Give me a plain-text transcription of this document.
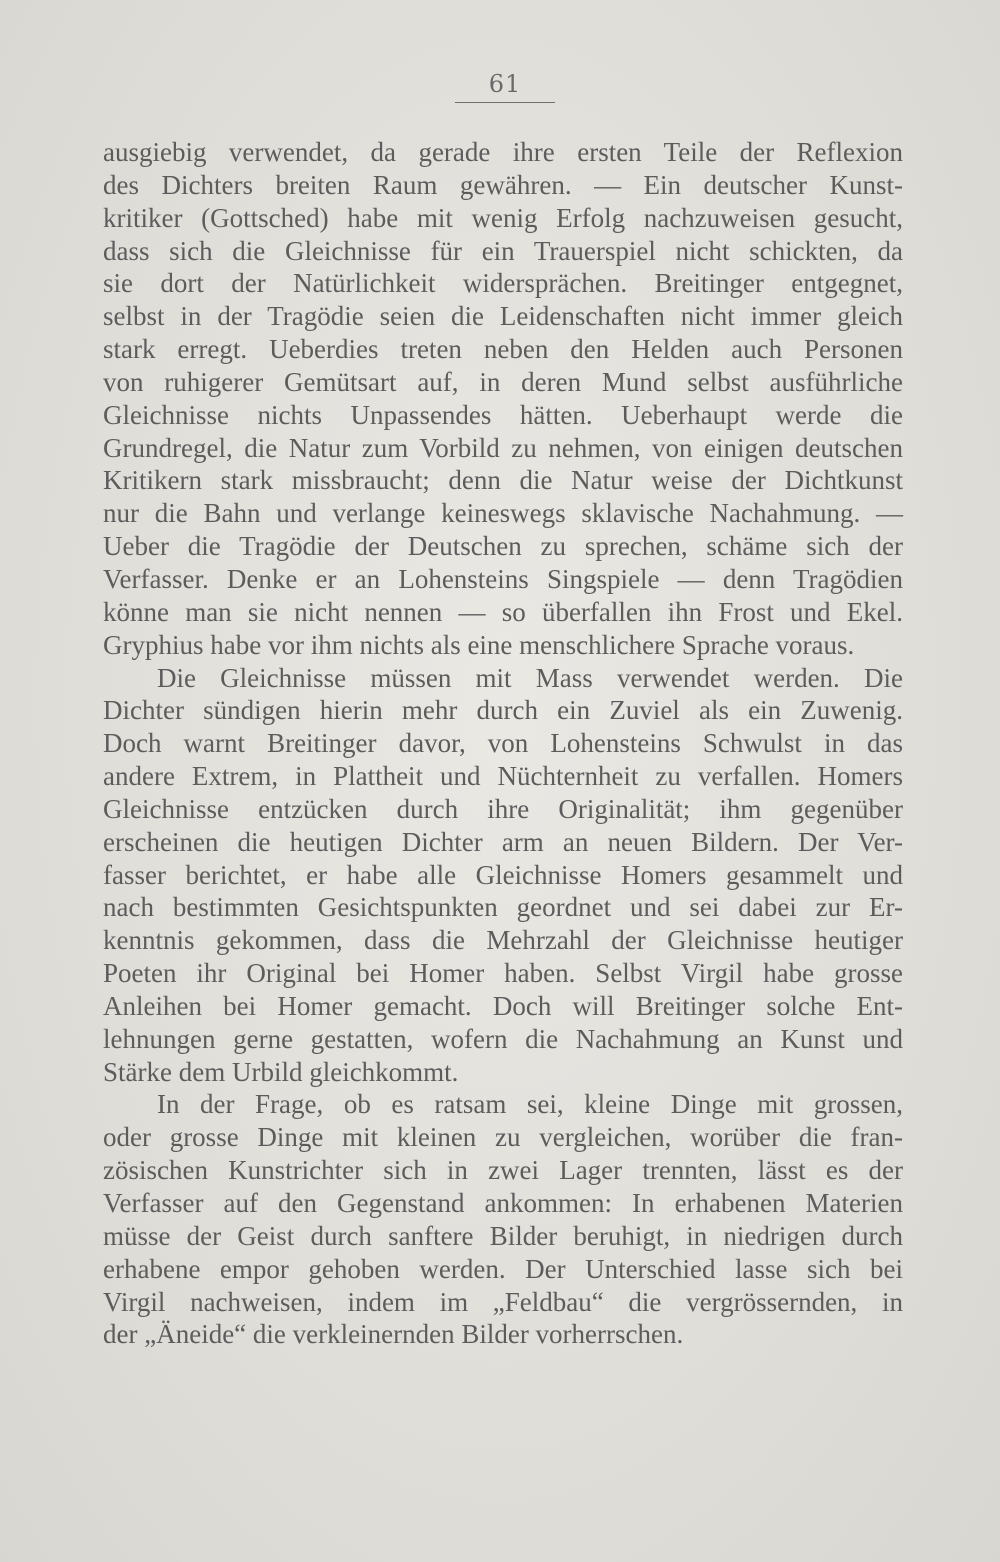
61
ausgiebig verwendet, da gerade ihre ersten Teile der Reflexion
des Dichters breiten Raum gewähren. — Ein deutscher Kunst-
kritiker (Gottsched) habe mit wenig Erfolg nachzuweisen gesucht,
dass sich die Gleichnisse für ein Trauerspiel nicht schickten, da
sie dort der Natürlichkeit widersprächen. Breitinger entgegnet,
selbst in der Tragödie seien die Leidenschaften nicht immer gleich
stark erregt. Ueberdies treten neben den Helden auch Personen
von ruhigerer Gemütsart auf, in deren Mund selbst ausführliche
Gleichnisse nichts Unpassendes hätten. Ueberhaupt werde die
Grundregel, die Natur zum Vorbild zu nehmen, von einigen deutschen
Kritikern stark missbraucht; denn die Natur weise der Dichtkunst
nur die Bahn und verlange keineswegs sklavische Nachahmung. —
Ueber die Tragödie der Deutschen zu sprechen, schäme sich der
Verfasser. Denke er an Lohensteins Singspiele — denn Tragödien
könne man sie nicht nennen — so überfallen ihn Frost und Ekel.
Gryphius habe vor ihm nichts als eine menschlichere Sprache voraus.
Die Gleichnisse müssen mit Mass verwendet werden. Die
Dichter sündigen hierin mehr durch ein Zuviel als ein Zuwenig.
Doch warnt Breitinger davor, von Lohensteins Schwulst in das
andere Extrem, in Plattheit und Nüchternheit zu verfallen. Homers
Gleichnisse entzücken durch ihre Originalität; ihm gegenüber
erscheinen die heutigen Dichter arm an neuen Bildern. Der Ver-
fasser berichtet, er habe alle Gleichnisse Homers gesammelt und
nach bestimmten Gesichtspunkten geordnet und sei dabei zur Er-
kenntnis gekommen, dass die Mehrzahl der Gleichnisse heutiger
Poeten ihr Original bei Homer haben. Selbst Virgil habe grosse
Anleihen bei Homer gemacht. Doch will Breitinger solche Ent-
lehnungen gerne gestatten, wofern die Nachahmung an Kunst und
Stärke dem Urbild gleichkommt.
In der Frage, ob es ratsam sei, kleine Dinge mit grossen,
oder grosse Dinge mit kleinen zu vergleichen, worüber die fran-
zösischen Kunstrichter sich in zwei Lager trennten, lässt es der
Verfasser auf den Gegenstand ankommen: In erhabenen Materien
müsse der Geist durch sanftere Bilder beruhigt, in niedrigen durch
erhabene empor gehoben werden. Der Unterschied lasse sich bei
Virgil nachweisen, indem im „Feldbau“ die vergrössernden, in
der „Äneide“ die verkleinernden Bilder vorherrschen.
